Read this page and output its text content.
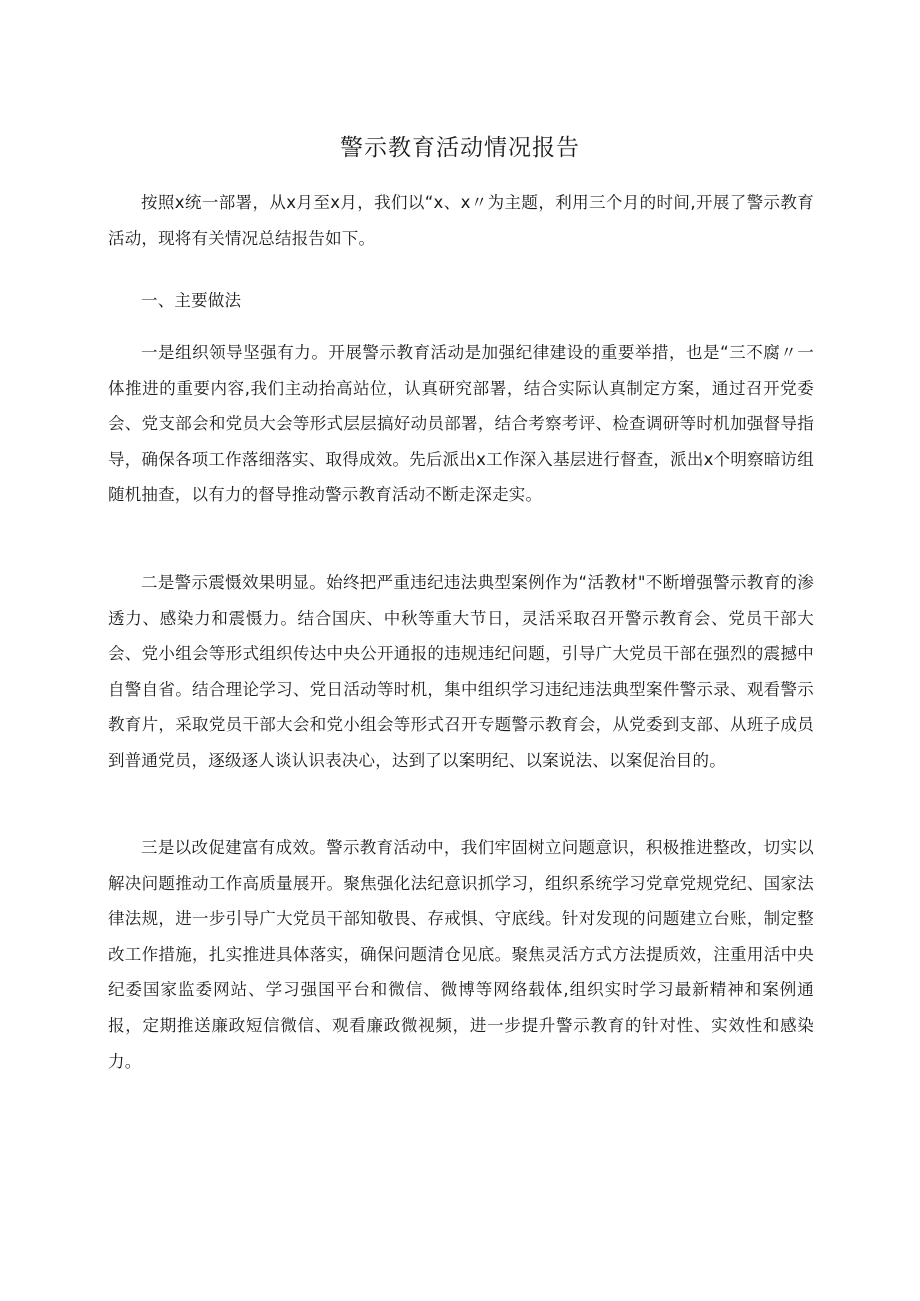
警示教育活动情况报告

按照x统一部署，从x月至x月，我们以“x、x〃为主题，利用三个月的时间,开展了警示教育活动，现将有关情况总结报告如下。

一、主要做法

一是组织领导坚强有力。开展警示教育活动是加强纪律建设的重要举措，也是“三不腐〃一体推进的重要内容,我们主动抬高站位，认真研究部署，结合实际认真制定方案，通过召开党委会、党支部会和党员大会等形式层层搞好动员部署，结合考察考评、检查调研等时机加强督导指导，确保各项工作落细落实、取得成效。先后派出x工作深入基层进行督查，派出x个明察暗访组随机抽查，以有力的督导推动警示教育活动不断走深走实。

二是警示震慑效果明显。始终把严重违纪违法典型案例作为“活教材"不断增强警示教育的渗透力、感染力和震慑力。结合国庆、中秋等重大节日，灵活采取召开警示教育会、党员干部大会、党小组会等形式组织传达中央公开通报的违规违纪问题，引导广大党员干部在强烈的震撼中自警自省。结合理论学习、党日活动等时机，集中组织学习违纪违法典型案件警示录、观看警示教育片，采取党员干部大会和党小组会等形式召开专题警示教育会，从党委到支部、从班子成员到普通党员，逐级逐人谈认识表决心，达到了以案明纪、以案说法、以案促治目的。

三是以改促建富有成效。警示教育活动中，我们牢固树立问题意识，积极推进整改，切实以解决问题推动工作高质量展开。聚焦强化法纪意识抓学习，组织系统学习党章党规党纪、国家法律法规，进一步引导广大党员干部知敬畏、存戒惧、守底线。针对发现的问题建立台账，制定整改工作措施，扎实推进具体落实，确保问题清仓见底。聚焦灵活方式方法提质效，注重用活中央纪委国家监委网站、学习强国平台和微信、微博等网络载体,组织实时学习最新精神和案例通报，定期推送廉政短信微信、观看廉政微视频，进一步提升警示教育的针对性、实效性和感染力。
